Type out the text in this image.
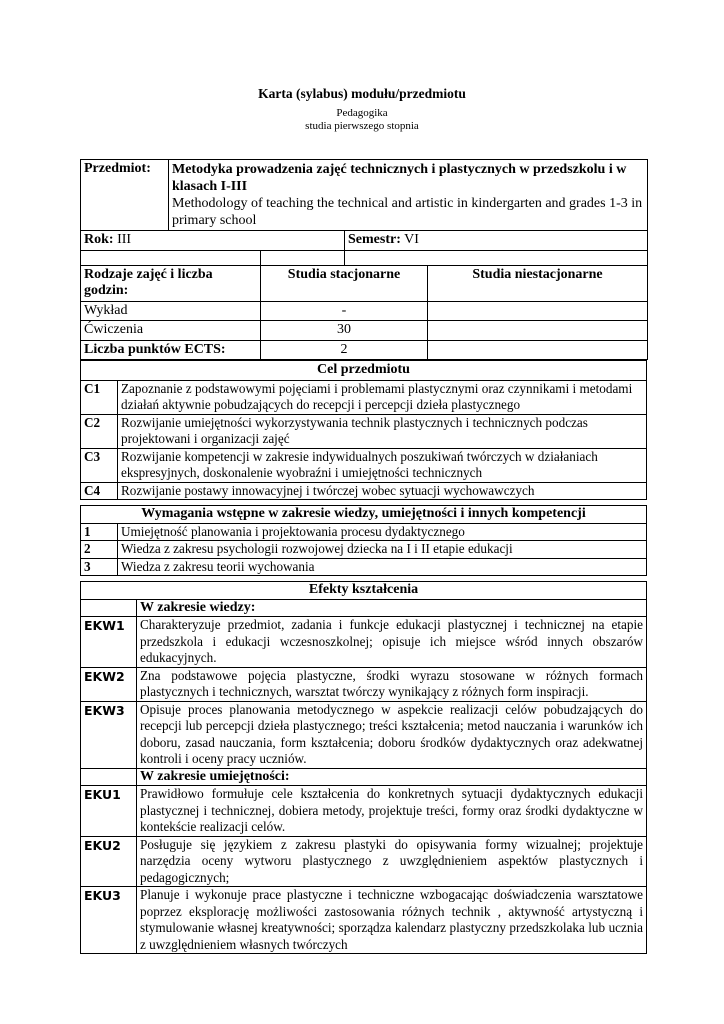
Karta (sylabus) modułu/przedmiotu
Pedagogika
studia pierwszego stopnia
Przedmiot:	Metodyka prowadzenia zajęć technicznych i plastycznych w przedszkolu i w klasach I-III
Methodology of teaching the technical and artistic in kindergarten and grades 1-3 in primary school			

Rok: III			Semestr: VI	

Rodzaje zajęć i liczba godzin:		Studia stacjonarne		Studia niestacjonarne
Wykład		-		
Ćwiczenia		30		
Liczba punktów ECTS:		2		
Cel przedmiotu	
C1	Zapoznanie z podstawowymi pojęciami i problemami plastycznymi oraz czynnikami i metodami działań aktywnie pobudzających do recepcji i percepcji dzieła plastycznego
C2	Rozwijanie umiejętności wykorzystywania technik plastycznych i technicznych podczas projektowani i organizacji zajęć
C3	Rozwijanie kompetencji w zakresie indywidualnych poszukiwań twórczych w działaniach ekspresyjnych, doskonalenie wyobraźni i umiejętności technicznych
C4	Rozwijanie postawy innowacyjnej i twórczej wobec sytuacji wychowawczych
Wymagania wstępne w zakresie wiedzy, umiejętności i innych kompetencji	
1	Umiejętność planowania i projektowania procesu dydaktycznego
2	Wiedza z zakresu psychologii rozwojowej dziecka na I i II etapie edukacji
3	Wiedza z zakresu teorii wychowania
Efekty kształcenia	
	W zakresie wiedzy:
EKW1	Charakteryzuje przedmiot, zadania i funkcje edukacji plastycznej i technicznej na etapie przedszkola i edukacji wczesnoszkolnej; opisuje ich miejsce wśród innych obszarów edukacyjnych.
EKW2	Zna podstawowe pojęcia plastyczne, środki wyrazu stosowane w różnych formach plastycznych i technicznych, warsztat twórczy wynikający z różnych form inspiracji.
EKW3	Opisuje proces planowania metodycznego w aspekcie realizacji celów pobudzających do recepcji lub percepcji dzieła plastycznego; treści kształcenia; metod nauczania i warunków ich doboru, zasad nauczania, form kształcenia; doboru środków dydaktycznych oraz adekwatnej kontroli i oceny pracy uczniów.
	W zakresie umiejętności:
EKU1	Prawidłowo formułuje cele kształcenia do konkretnych sytuacji dydaktycznych edukacji plastycznej i technicznej, dobiera metody, projektuje treści, formy oraz środki dydaktyczne w kontekście realizacji celów.
EKU2	Posługuje się językiem z zakresu plastyki do opisywania formy wizualnej; projektuje narzędzia oceny wytworu plastycznego z uwzględnieniem aspektów plastycznych i pedagogicznych;
EKU3	Planuje i wykonuje prace plastyczne i techniczne wzbogacając doświadczenia warsztatowe poprzez eksplorację możliwości zastosowania różnych technik , aktywność artystyczną i stymulowanie własnej kreatywności; sporządza kalendarz plastyczny przedszkolaka lub ucznia z uwzględnieniem własnych twórczych
